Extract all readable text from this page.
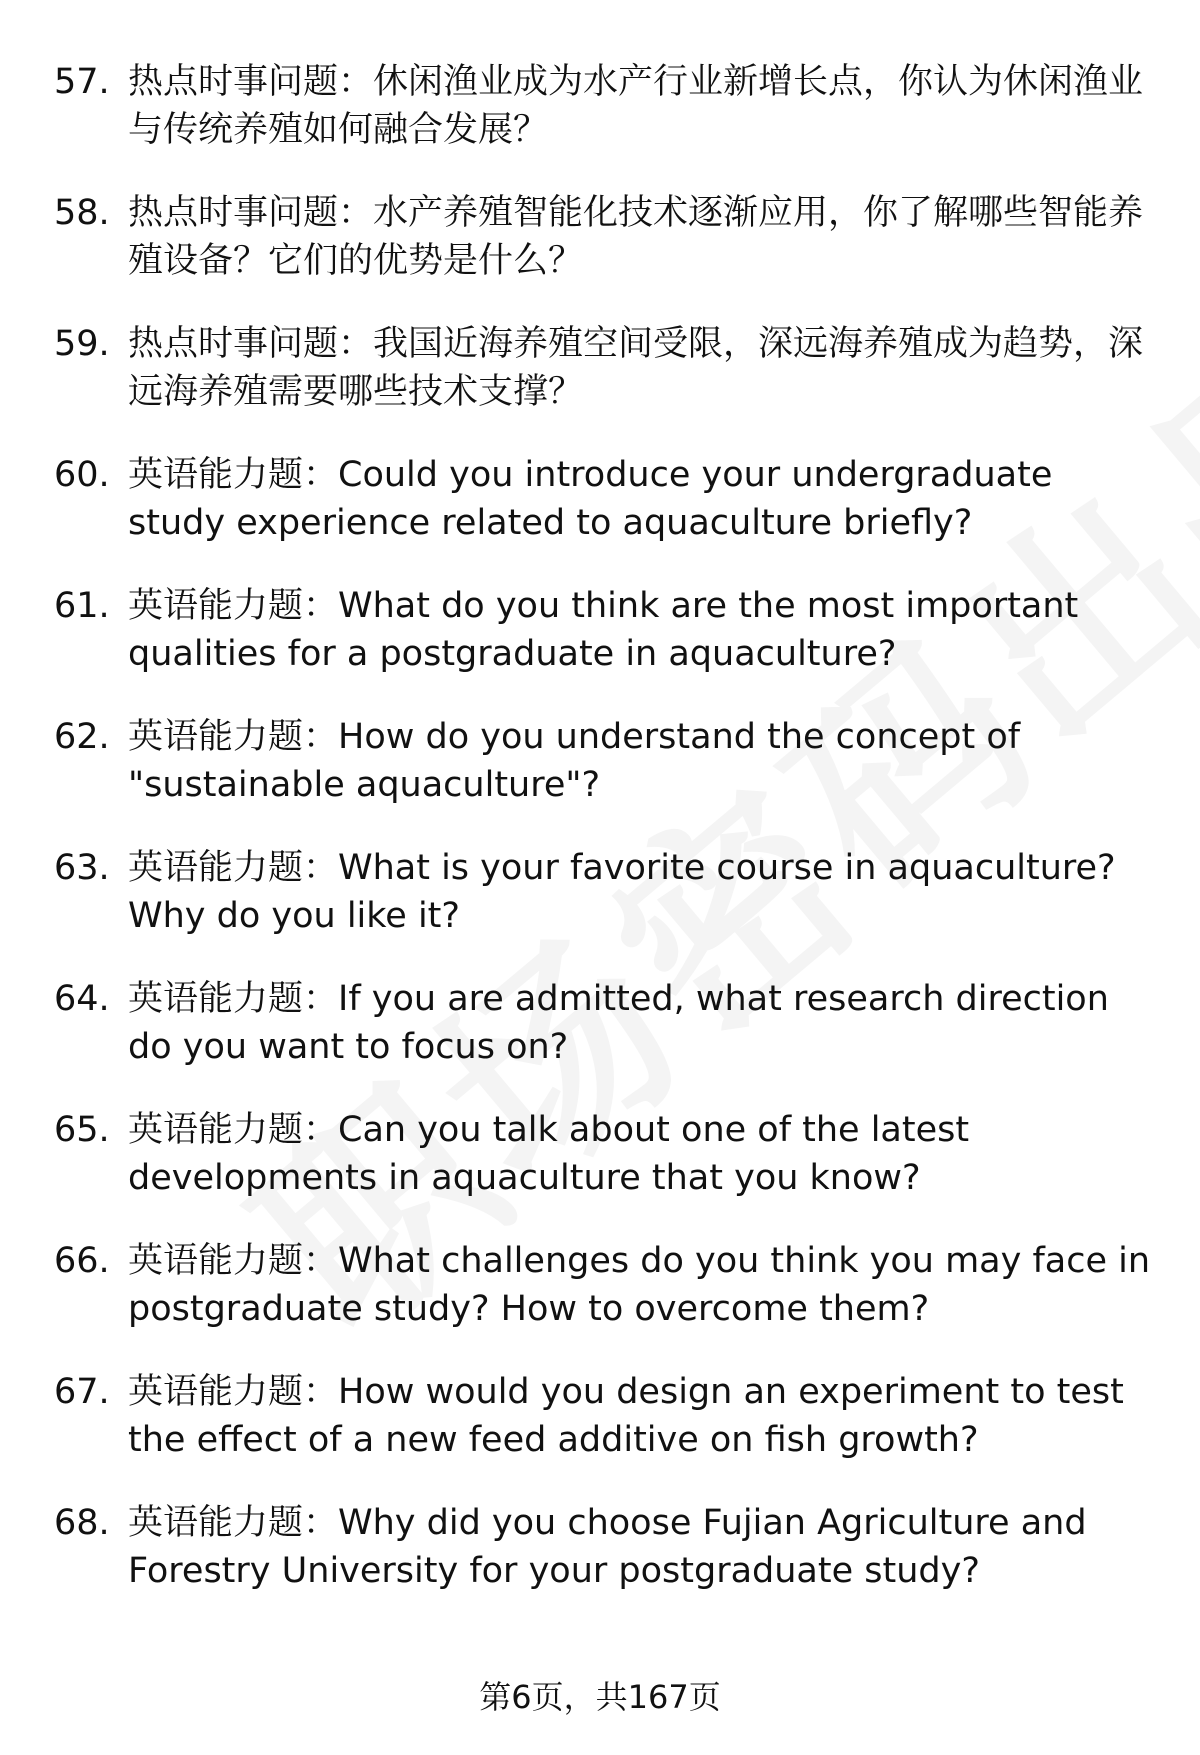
57. 热点时事问题：休闲渔业成为水产行业新增长点，你认为休闲渔业与传统养殖如何融合发展？
58. 热点时事问题：水产养殖智能化技术逐渐应用，你了解哪些智能养殖设备？它们的优势是什么？
59. 热点时事问题：我国近海养殖空间受限，深远海养殖成为趋势，深远海养殖需要哪些技术支撑？
60. 英语能力题：Could you introduce your undergraduate study experience related to aquaculture briefly?
61. 英语能力题：What do you think are the most important qualities for a postgraduate in aquaculture?
62. 英语能力题：How do you understand the concept of "sustainable aquaculture"?
63. 英语能力题：What is your favorite course in aquaculture? Why do you like it?
64. 英语能力题：If you are admitted, what research direction do you want to focus on?
65. 英语能力题：Can you talk about one of the latest developments in aquaculture that you know?
66. 英语能力题：What challenges do you think you may face in postgraduate study? How to overcome them?
67. 英语能力题：How would you design an experiment to test the effect of a new feed additive on fish growth?
68. 英语能力题：Why did you choose Fujian Agriculture and Forestry University for your postgraduate study?
第6页，共167页
